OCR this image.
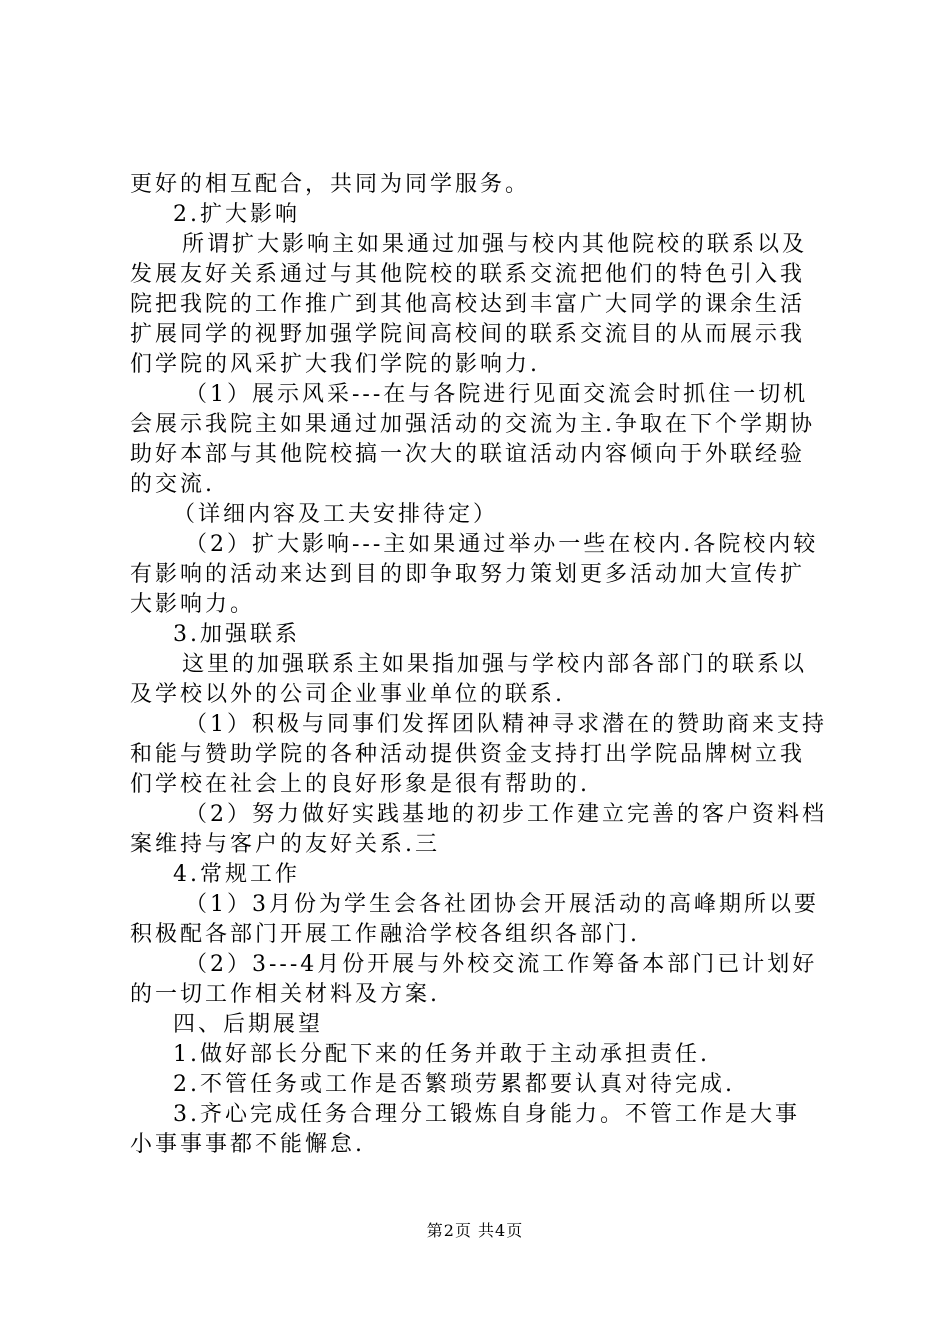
更好的相互配合，共同为同学服务。
2.扩大影响
所谓扩大影响主如果通过加强与校内其他院校的联系以及
发展友好关系通过与其他院校的联系交流把他们的特色引入我
院把我院的工作推广到其他高校达到丰富广大同学的课余生活
扩展同学的视野加强学院间高校间的联系交流目的从而展示我
们学院的风采扩大我们学院的影响力.
（1）展示风采---在与各院进行见面交流会时抓住一切机
会展示我院主如果通过加强活动的交流为主.争取在下个学期协
助好本部与其他院校搞一次大的联谊活动内容倾向于外联经验
的交流.
（详细内容及工夫安排待定）
（2）扩大影响---主如果通过举办一些在校内.各院校内较
有影响的活动来达到目的即争取努力策划更多活动加大宣传扩
大影响力。
3.加强联系
这里的加强联系主如果指加强与学校内部各部门的联系以
及学校以外的公司企业事业单位的联系.
（1）积极与同事们发挥团队精神寻求潜在的赞助商来支持
和能与赞助学院的各种活动提供资金支持打出学院品牌树立我
们学校在社会上的良好形象是很有帮助的.
（2）努力做好实践基地的初步工作建立完善的客户资料档
案维持与客户的友好关系.三
4.常规工作
（1）3月份为学生会各社团协会开展活动的高峰期所以要
积极配各部门开展工作融洽学校各组织各部门.
（2）3---4月份开展与外校交流工作筹备本部门已计划好
的一切工作相关材料及方案.
四、后期展望
1.做好部长分配下来的任务并敢于主动承担责任.
2.不管任务或工作是否繁琐劳累都要认真对待完成.
3.齐心完成任务合理分工锻炼自身能力。不管工作是大事
小事事事都不能懈怠.
第2页 共4页
